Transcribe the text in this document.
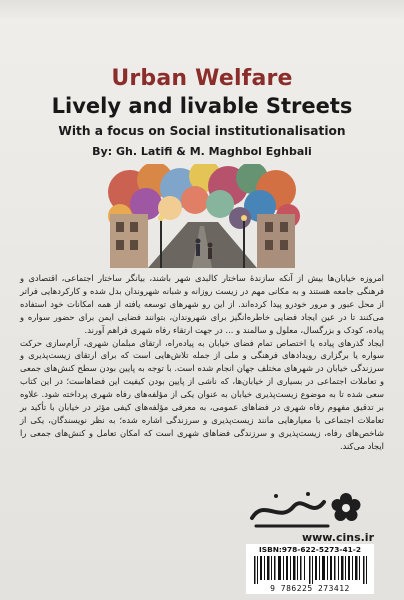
Urban Welfare
Lively and livable Streets
With a focus on Social institutionalisation
By: Gh. Latifi & M. Maghbol Eghbali

امروزه خیابان‌ها بیش از آنکه سازندۀ ساختار کالبدی شهر باشند، بیانگر ساختار اجتماعی، اقتصادی و فرهنگی جامعه هستند و به مکانی مهم در زیست روزانه و شبانه شهروندان بدل شده و کارکردهایی فراتر از محل عبور و مرور خودرو پیدا کرده‌اند. از این رو شهرهای توسعه یافته از همه امکانات خود استفاده می‌کنند تا در عین ایجاد فضایی خاطره‌انگیز برای شهروندان، بتوانند فضایی ایمن برای حضور سواره و پیاده، کودک و بزرگسال، معلول و سالمند و ... در جهت ارتقاء رفاه شهری فراهم آورند.

ایجاد گذرهای پیاده یا اختصاص تمام فضای خیابان به پیاده‌راه، ارتقای مبلمان شهری، آرام‌سازی حرکت سواره یا برگزاری رویدادهای فرهنگی و ملی از جمله تلاش‌هایی است که برای ارتقای زیست‌پذیری و سرزندگی خیابان در شهرهای مختلف جهان انجام شده است. با توجه به پایین بودن سطح کنش‌های جمعی و تعاملات اجتماعی در بسیاری از خیابان‌ها، که ناشی از پایین بودن کیفیت این فضاهاست؛ در این کتاب سعی شده تا به موضوع زیست‌پذیری خیابان به عنوان یکی از مؤلفه‌های رفاه شهری پرداخته شود. علاوه بر تدقیق مفهوم رفاه شهری در فضاهای عمومی، به معرفی مؤلفه‌های کیفی مؤثر در خیابان با تأکید بر تعاملات اجتماعی با معیارهایی مانند زیست‌پذیری و سرزندگی اشاره شده؛ به نظر نویسندگان، یکی از شاخص‌های رفاه، زیست‌پذیری و سرزندگی فضاهای شهری است که امکان تعامل و کنش‌های جمعی را ایجاد می‌کند.

www.cins.ir
ISBN:978-622-5273-41-2
9 786225 273412
